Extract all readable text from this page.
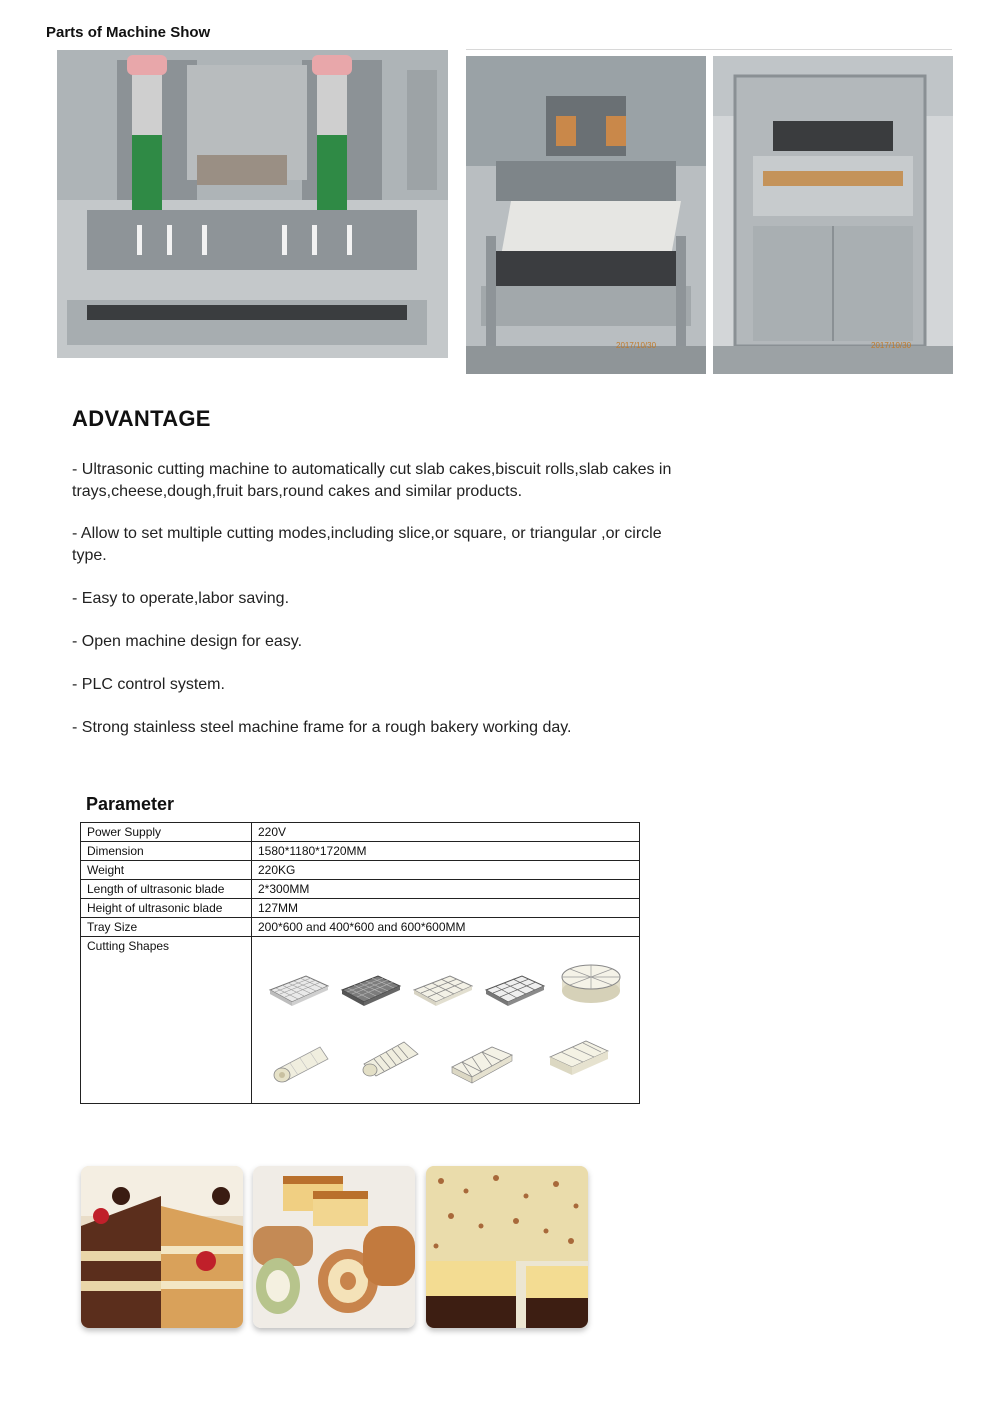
Parts of Machine Show
2017/10/30	2017/10/30
ADVANTAGE
- Ultrasonic cutting machine to automatically cut slab cakes,biscuit rolls,slab cakes in trays,cheese,dough,fruit bars,round cakes and similar products.
- Allow to set multiple cutting modes,including slice,or square, or triangular ,or circle type.
- Easy to operate,labor saving.
- Open machine design for easy.
- PLC control system.
- Strong stainless steel machine frame for a rough bakery working day.
Parameter
Power Supply	220V
Dimension	1580*1180*1720MM
Weight	220KG
Length of ultrasonic blade	2*300MM
Height of ultrasonic blade	127MM
Tray Size	200*600 and 400*600 and 600*600MM
Cutting Shapes	
